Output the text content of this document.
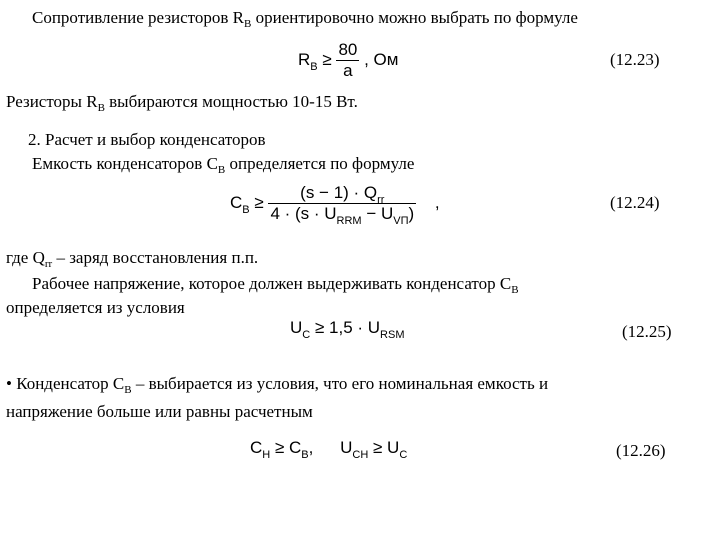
Сопротивление резисторов $R_B$ ориентировочно можно выбрать по формуле
$R_B \ge \frac{80}{a}$ , Ом	(12.23)
Резисторы $R_B$ выбираются мощностью 10-15 Вт.
2. Расчет и выбор конденсаторов
Емкость конденсаторов $C_B$ определяется по формуле
$C_B \ge \frac{(s - 1) \cdot Q_{rr}}{4 \cdot (s \cdot U_{RRM} - U_{VП})}$ ,	(12.24)
где $Q_{rr}$ – заряд восстановления п.п.
Рабочее напряжение, которое должен выдерживать конденсатор $C_B$
определяется из условия
$U_C \ge 1,5 \cdot U_{RSM}$	(12.25)
• Конденсатор $C_B$ – выбирается из условия, что его номинальная емкость и
напряжение больше или равны расчетным
$C_Н \ge C_B$, $U_{CH} \ge U_C$	(12.26)
